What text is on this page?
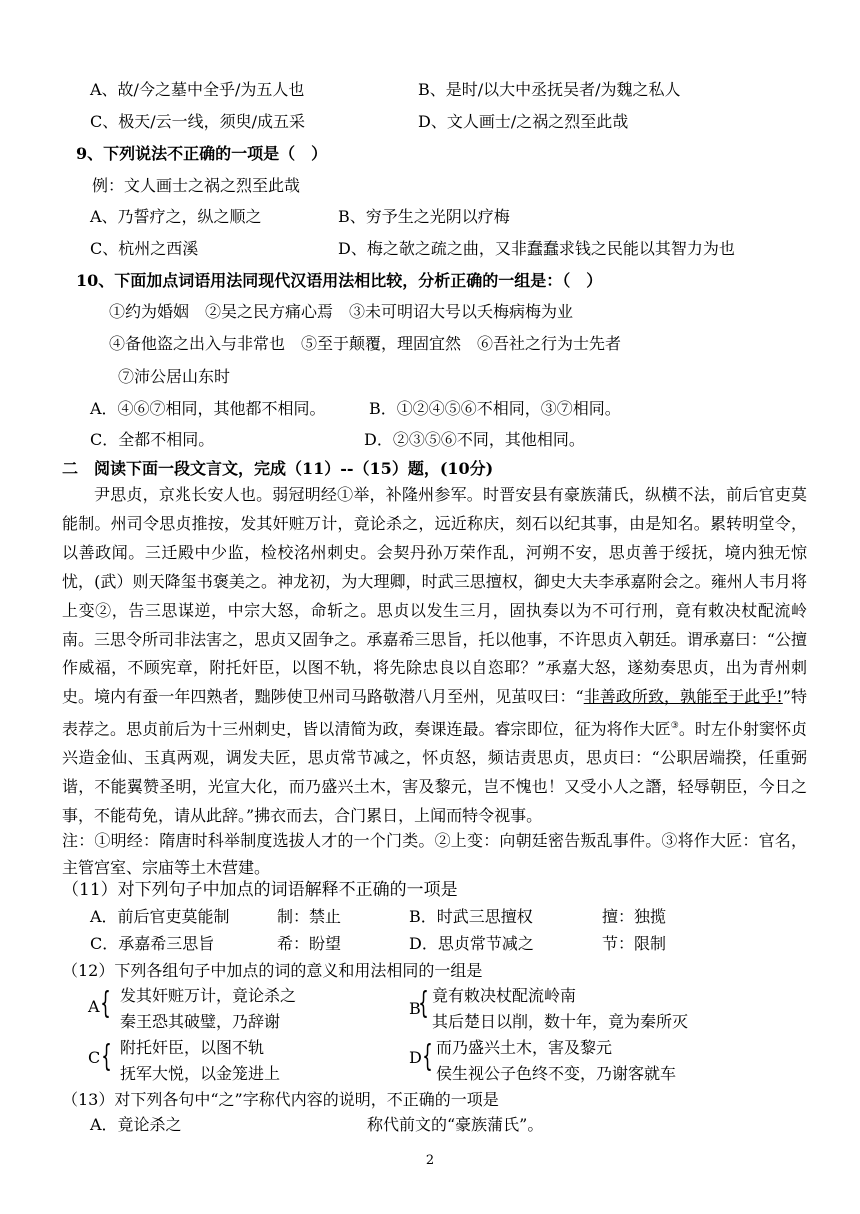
A、故/今之墓中全乎/为五人也	B、是时/以大中丞抚吴者/为魏之私人
C、极天/云一线，须臾/成五采	D、文人画士/之祸之烈至此哉
9、下列说法不正确的一项是（　）
例：文人画士之祸之烈至此哉
A、乃誓疗之，纵之顺之	B、穷予生之光阴以疗梅
C、杭州之西溪	D、梅之欹之疏之曲，又非蠢蠢求钱之民能以其智力为也
10、下面加点词语用法同现代汉语用法相比较，分析正确的一组是：（　）
①约为婚姻　②吴之民方痛心焉　③未可明诏大号以夭梅病梅为业
④备他盗之出入与非常也　⑤至于颠覆，理固宜然　⑥吾社之行为士先者
⑦沛公居山东时
A．④⑥⑦相同，其他都不相同。	B．①②④⑤⑥不相同，③⑦相同。
C．全都不相同。	D．②③⑤⑥不同，其他相同。
二　阅读下面一段文言文，完成（11）--（15）题，(10分)
尹思贞，京兆长安人也。弱冠明经①举，补隆州参军。时晋安县有豪族蒲氏，纵横不法，前后官吏莫能制。州司令思贞推按，发其奸赃万计，竟论杀之，远近称庆，刻石以纪其事，由是知名。累转明堂令，以善政闻。三迁殿中少监，检校洺州刺史。会契丹孙万荣作乱，河朔不安，思贞善于绥抚，境内独无惊忧，(武）则天降玺书褒美之。神龙初，为大理卿，时武三思擅权，御史大夫李承嘉附会之。雍州人韦月将上变②，告三思谋逆，中宗大怒，命斩之。思贞以发生三月，固执奏以为不可行刑，竟有敕决杖配流岭南。三思令所司非法害之，思贞又固争之。承嘉希三思旨，托以他事，不许思贞入朝廷。谓承嘉曰：“公擅作威福，不顾宪章，附托奸臣，以图不轨，将先除忠良以自恣耶？”承嘉大怒，遂劾奏思贞，出为青州刺史。境内有蚕一年四熟者，黜陟使卫州司马路敬潜八月至州，见茧叹曰：“非善政所致，孰能至于此乎!”特表荐之。思贞前后为十三州刺史，皆以清简为政，奏课连最。睿宗即位，征为将作大匠③。时左仆射窦怀贞兴造金仙、玉真两观，调发夫匠，思贞常节减之，怀贞怒，频诘责思贞，思贞曰：“公职居端揆，任重弼谐，不能翼赞圣明，光宣大化，而乃盛兴土木，害及黎元，岂不愧也！又受小人之譖，轻辱朝臣，今日之事，不能苟免，请从此辞。”拂衣而去，合门累日，上闻而特令视事。
注：①明经：隋唐时科举制度选拔人才的一个门类。②上变：向朝廷密告叛乱事件。③将作大匠：官名，主管宫室、宗庙等土木营建。
（11）对下列句子中加点的词语解释不正确的一项是
A．前后官吏莫能制	制：禁止	B．时武三思擅权	擅：独揽
C．承嘉希三思旨	希：盼望	D．思贞常节减之	节：限制
（12）下列各组句子中加点的词的意义和用法相同的一组是
A { 发其奸赃万计，竟论杀之
秦王恐其破璧，乃辞谢
B
{ 竟有敕决杖配流岭南
其后楚日以削，数十年，竟为秦所灭
C { 附托奸臣，以图不轨
抚军大悦，以金笼进上
D { 而乃盛兴土木，害及黎元
侯生视公子色终不变，乃谢客就车
（13）对下列各句中“之”字称代内容的说明，不正确的一项是
A．竟论杀之	称代前文的“豪族蒲氏”。
2
